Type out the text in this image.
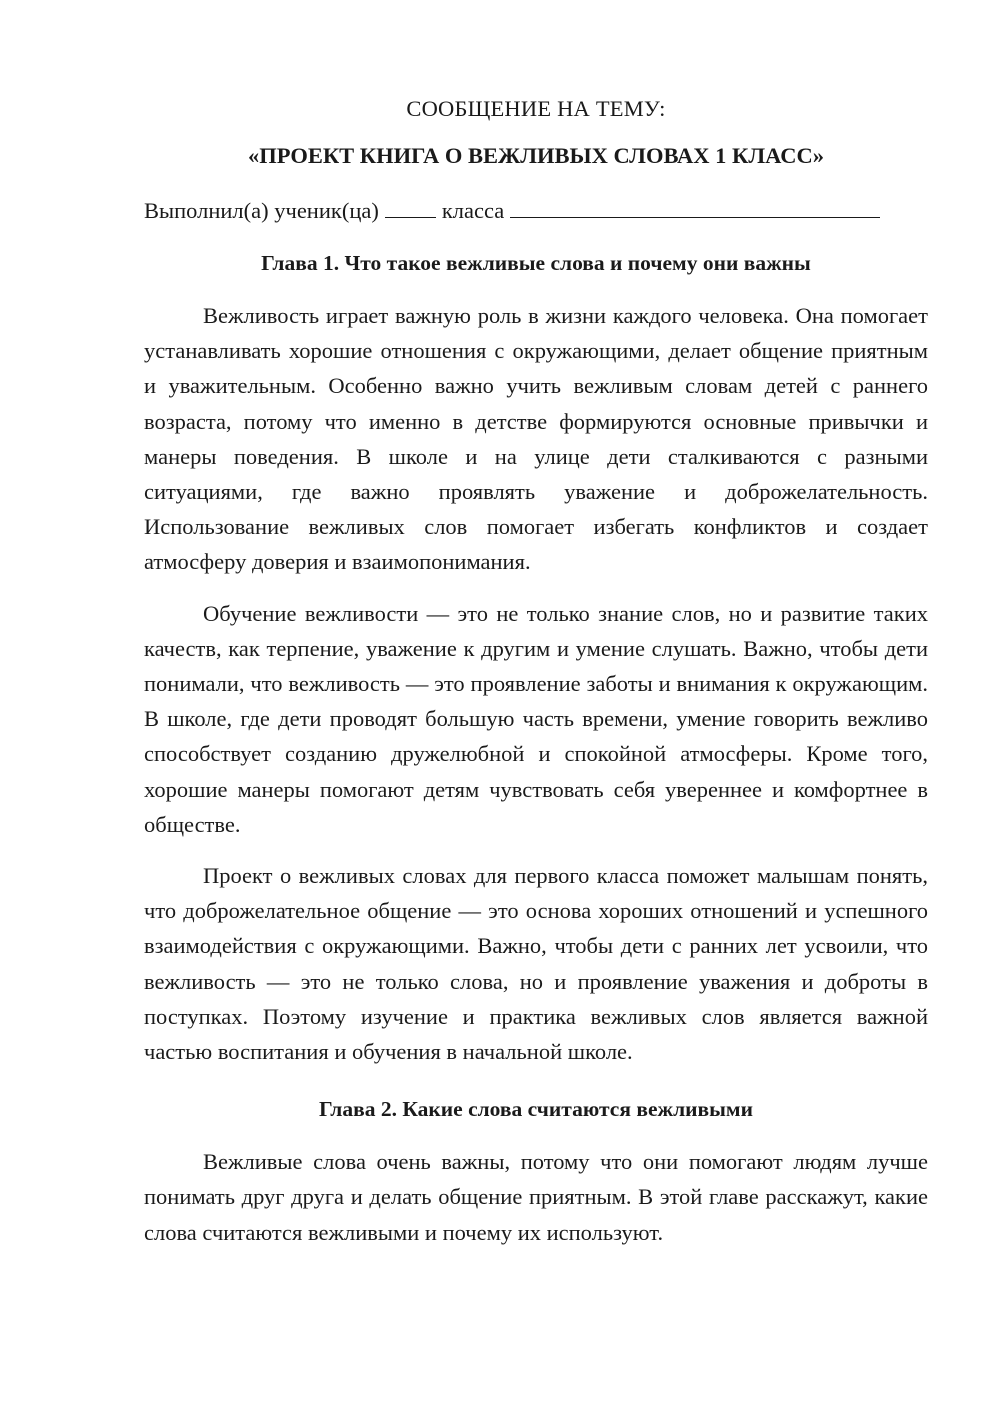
СООБЩЕНИЕ НА ТЕМУ:

«ПРОЕКТ КНИГА О ВЕЖЛИВЫХ СЛОВАХ 1 КЛАСС»

Выполнил(а) ученик(ца)	класса

Глава 1. Что такое вежливые слова и почему они важны

Вежливость играет важную роль в жизни каждого человека. Она помогает устанавливать хорошие отношения с окружающими, делает общение приятным и уважительным. Особенно важно учить вежливым словам детей с раннего возраста, потому что именно в детстве формируются основные привычки и манеры поведения. В школе и на улице дети сталкиваются с разными ситуациями, где важно проявлять уважение и доброжелательность. Использование вежливых слов помогает избегать конфликтов и создает атмосферу доверия и взаимопонимания.

Обучение вежливости — это не только знание слов, но и развитие таких качеств, как терпение, уважение к другим и умение слушать. Важно, чтобы дети понимали, что вежливость — это проявление заботы и внимания к окружающим. В школе, где дети проводят большую часть времени, умение говорить вежливо способствует созданию дружелюбной и спокойной атмосферы. Кроме того, хорошие манеры помогают детям чувствовать себя увереннее и комфортнее в обществе.

Проект о вежливых словах для первого класса поможет малышам понять, что доброжелательное общение — это основа хороших отношений и успешного взаимодействия с окружающими. Важно, чтобы дети с ранних лет усвоили, что вежливость — это не только слова, но и проявление уважения и доброты в поступках. Поэтому изучение и практика вежливых слов является важной частью воспитания и обучения в начальной школе.

Глава 2. Какие слова считаются вежливыми

Вежливые слова очень важны, потому что они помогают людям лучше понимать друг друга и делать общение приятным. В этой главе расскажут, какие слова считаются вежливыми и почему их используют.
